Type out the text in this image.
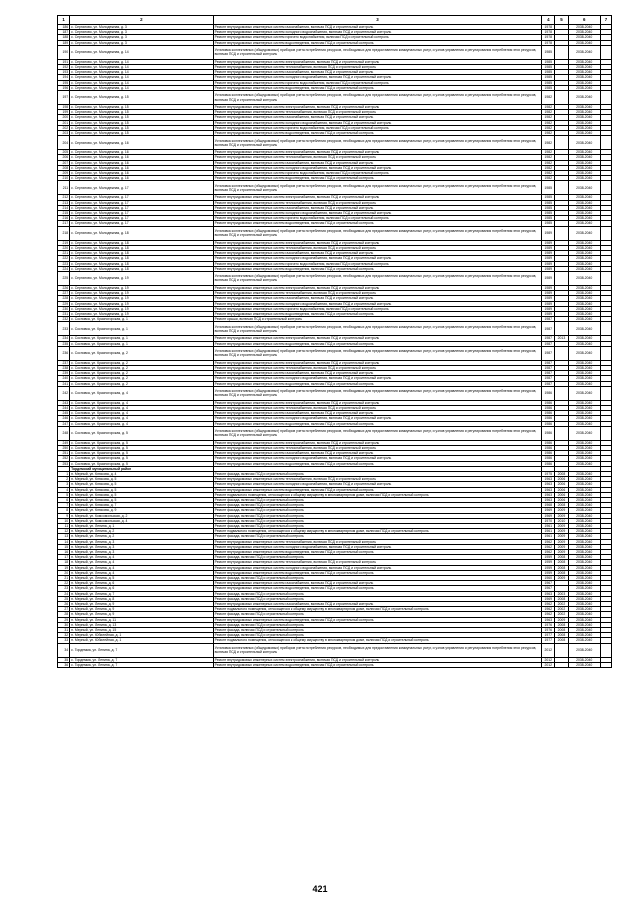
1	2	3	4	5	6	7
186	с. Серпатово, ул. Молодежная, д. 3	Ремонт внутридомовых инженерных систем газоснабжения, включая ПСД и строительный контроль	1978		2038-2040	
187	с. Серпатово, ул. Молодежная, д. 3	Ремонт внутридомовых инженерных систем холодного водоснабжения, включая ПСД и строительный контроль	1978		2038-2040	
188	с. Серпатово, ул. Молодежная, д. 3	Ремонт внутридомовых инженерных систем горячего водоснабжения, включая ПСД и строительный контроль	1978		2038-2040	
189	с. Серпатово, ул. Молодежная, д. 3	Ремонт внутридомовых инженерных систем водоотведения, включая ПСД и строительный контроль	1978		2038-2040	
190	с. Серпатово, ул. Молодежная, д. 14	Установка коллективных (общедомовых) приборов учета потребления ресурсов, необходимых для предоставления коммунальных услуг, и узлов управления и регулирования потребления этих ресурсов, включая ПСД и строительный контроль	1985		2038-2040	
191	с. Серпатово, ул. Молодежная, д. 14	Ремонт внутридомовых инженерных систем электроснабжения, включая ПСД и строительный контроль	1985		2038-2040	
192	с. Серпатово, ул. Молодежная, д. 14	Ремонт внутридомовых инженерных систем теплоснабжения, включая ПСД и строительный контроль	1985		2038-2040	
193	с. Серпатово, ул. Молодежная, д. 14	Ремонт внутридомовых инженерных систем газоснабжения, включая ПСД и строительный контроль	1985		2038-2040	
194	с. Серпатово, ул. Молодежная, д. 14	Ремонт внутридомовых инженерных систем холодного водоснабжения, включая ПСД и строительный контроль	1985		2038-2040	
195	с. Серпатово, ул. Молодежная, д. 14	Ремонт внутридомовых инженерных систем горячего водоснабжения, включая ПСД и строительный контроль	1985		2038-2040	
196	с. Серпатово, ул. Молодежная, д. 14	Ремонт внутридомовых инженерных систем водоотведения, включая ПСД и строительный контроль	1985		2038-2040	
197	с. Серпатово, ул. Молодежная, д. 15	Установка коллективных (общедомовых) приборов учета потребления ресурсов, необходимых для предоставления коммунальных услуг, и узлов управления и регулирования потребления этих ресурсов, включая ПСД и строительный контроль	1982		2038-2040	
198	с. Серпатово, ул. Молодежная, д. 15	Ремонт внутридомовых инженерных систем электроснабжения, включая ПСД и строительный контроль	1982		2038-2040	
199	с. Серпатово, ул. Молодежная, д. 15	Ремонт внутридомовых инженерных систем теплоснабжения, включая ПСД и строительный контроль	1982		2038-2040	
200	с. Серпатово, ул. Молодежная, д. 15	Ремонт внутридомовых инженерных систем газоснабжения, включая ПСД и строительный контроль	1982		2038-2040	
201	с. Серпатово, ул. Молодежная, д. 15	Ремонт внутридомовых инженерных систем холодного водоснабжения, включая ПСД и строительный контроль	1982		2038-2040	
202	с. Серпатово, ул. Молодежная, д. 15	Ремонт внутридомовых инженерных систем горячего водоснабжения, включая ПСД и строительный контроль	1982		2038-2040	
203	с. Серпатово, ул. Молодежная, д. 15	Ремонт внутридомовых инженерных систем водоотведения, включая ПСД и строительный контроль	1982		2038-2040	
204	с. Серпатово, ул. Молодежная, д. 16	Установка коллективных (общедомовых) приборов учета потребления ресурсов, необходимых для предоставления коммунальных услуг, и узлов управления и регулирования потребления этих ресурсов, включая ПСД и строительный контроль	1982		2038-2040	
205	с. Серпатово, ул. Молодежная, д. 16	Ремонт внутридомовых инженерных систем электроснабжения, включая ПСД и строительный контроль	1982		2038-2040	
206	с. Серпатово, ул. Молодежная, д. 16	Ремонт внутридомовых инженерных систем теплоснабжения, включая ПСД и строительный контроль	1982		2038-2040	
207	с. Серпатово, ул. Молодежная, д. 16	Ремонт внутридомовых инженерных систем газоснабжения, включая ПСД и строительный контроль	1982		2038-2040	
208	с. Серпатово, ул. Молодежная, д. 16	Ремонт внутридомовых инженерных систем холодного водоснабжения, включая ПСД и строительный контроль	1982		2038-2040	
209	с. Серпатово, ул. Молодежная, д. 16	Ремонт внутридомовых инженерных систем горячего водоснабжения, включая ПСД и строительный контроль	1982		2038-2040	
210	с. Серпатово, ул. Молодежная, д. 16	Ремонт внутридомовых инженерных систем водоотведения, включая ПСД и строительный контроль	1982		2038-2040	
211	с. Серпатово, ул. Молодежная, д. 17	Установка коллективных (общедомовых) приборов учета потребления ресурсов, необходимых для предоставления коммунальных услуг, и узлов управления и регулирования потребления этих ресурсов, включая ПСД и строительный контроль	1985		2038-2040	
212	с. Серпатово, ул. Молодежная, д. 17	Ремонт внутридомовых инженерных систем электроснабжения, включая ПСД и строительный контроль	1985		2038-2040	
213	с. Серпатово, ул. Молодежная, д. 17	Ремонт внутридомовых инженерных систем теплоснабжения, включая ПСД и строительный контроль	1985		2038-2040	
214	с. Серпатово, ул. Молодежная, д. 17	Ремонт внутридомовых инженерных систем газоснабжения, включая ПСД и строительный контроль	1985		2038-2040	
215	с. Серпатово, ул. Молодежная, д. 17	Ремонт внутридомовых инженерных систем холодного водоснабжения, включая ПСД и строительный контроль	1985		2038-2040	
216	с. Серпатово, ул. Молодежная, д. 17	Ремонт внутридомовых инженерных систем горячего водоснабжения, включая ПСД и строительный контроль	1985		2038-2040	
217	с. Серпатово, ул. Молодежная, д. 17	Ремонт внутридомовых инженерных систем водоотведения, включая ПСД и строительный контроль	1985		2038-2040	
218	с. Серпатово, ул. Молодежная, д. 18	Установка коллективных (общедомовых) приборов учета потребления ресурсов, необходимых для предоставления коммунальных услуг, и узлов управления и регулирования потребления этих ресурсов, включая ПСД и строительный контроль	1989		2038-2040	
219	с. Серпатово, ул. Молодежная, д. 18	Ремонт внутридомовых инженерных систем электроснабжения, включая ПСД и строительный контроль	1989		2038-2040	
220	с. Серпатово, ул. Молодежная, д. 18	Ремонт внутридомовых инженерных систем теплоснабжения, включая ПСД и строительный контроль	1989		2038-2040	
221	с. Серпатово, ул. Молодежная, д. 18	Ремонт внутридомовых инженерных систем газоснабжения, включая ПСД и строительный контроль	1989		2038-2040	
222	с. Серпатово, ул. Молодежная, д. 18	Ремонт внутридомовых инженерных систем холодного водоснабжения, включая ПСД и строительный контроль	1989		2038-2040	
223	с. Серпатово, ул. Молодежная, д. 18	Ремонт внутридомовых инженерных систем горячего водоснабжения, включая ПСД и строительный контроль	1989		2038-2040	
224	с. Серпатово, ул. Молодежная, д. 18	Ремонт внутридомовых инженерных систем водоотведения, включая ПСД и строительный контроль	1989		2038-2040	
225	с. Серпатово, ул. Молодежная, д. 19	Установка коллективных (общедомовых) приборов учета потребления ресурсов, необходимых для предоставления коммунальных услуг, и узлов управления и регулирования потребления этих ресурсов, включая ПСД и строительный контроль	1989		2038-2040	
226	с. Серпатово, ул. Молодежная, д. 19	Ремонт внутридомовых инженерных систем электроснабжения, включая ПСД и строительный контроль	1989		2038-2040	
227	с. Серпатово, ул. Молодежная, д. 19	Ремонт внутридомовых инженерных систем теплоснабжения, включая ПСД и строительный контроль	1989		2038-2040	
228	с. Серпатово, ул. Молодежная, д. 19	Ремонт внутридомовых инженерных систем газоснабжения, включая ПСД и строительный контроль	1989		2038-2040	
229	с. Серпатово, ул. Молодежная, д. 19	Ремонт внутридомовых инженерных систем холодного водоснабжения, включая ПСД и строительный контроль	1989		2038-2040	
230	с. Серпатово, ул. Молодежная, д. 19	Ремонт внутридомовых инженерных систем горячего водоснабжения, включая ПСД и строительный контроль	1989		2038-2040	
231	с. Серпатово, ул. Молодежная, д. 19	Ремонт внутридомовых инженерных систем водоотведения, включая ПСД и строительный контроль	1989		2038-2040	
232	с. Сосновка, ул. Красногорская, д. 1	Ремонт крыши, включая ПСД и строительный контроль	1987		2038-2040	
233	с. Сосновка, ул. Красногорская, д. 1	Установка коллективных (общедомовых) приборов учета потребления ресурсов, необходимых для предоставления коммунальных услуг, и узлов управления и регулирования потребления этих ресурсов, включая ПСД и строительный контроль	1987		2038-2040	
234	с. Сосновка, ул. Красногорская, д. 1	Ремонт внутридомовых инженерных систем электроснабжения, включая ПСД и строительный контроль	1987	2013	2038-2040	
235	с. Сосновка, ул. Красногорская, д. 1	Ремонт внутридомовых инженерных систем водоотведения, включая ПСД и строительный контроль	1987		2038-2040	
236	с. Сосновка, ул. Красногорская, д. 2	Установка коллективных (общедомовых) приборов учета потребления ресурсов, необходимых для предоставления коммунальных услуг, и узлов управления и регулирования потребления этих ресурсов, включая ПСД и строительный контроль	1987		2038-2040	
237	с. Сосновка, ул. Красногорская, д. 2	Ремонт внутридомовых инженерных систем электроснабжения, включая ПСД и строительный контроль	1987		2038-2040	
238	с. Сосновка, ул. Красногорская, д. 2	Ремонт внутридомовых инженерных систем теплоснабжения, включая ПСД и строительный контроль	1987		2038-2040	
239	с. Сосновка, ул. Красногорская, д. 2	Ремонт внутридомовых инженерных систем газоснабжения, включая ПСД и строительный контроль	1987		2038-2040	
240	с. Сосновка, ул. Красногорская, д. 2	Ремонт внутридомовых инженерных систем холодного водоснабжения, включая ПСД и строительный контроль	1987		2038-2040	
241	с. Сосновка, ул. Красногорская, д. 2	Ремонт внутридомовых инженерных систем водоотведения, включая ПСД и строительный контроль	1987		2038-2040	
242	с. Сосновка, ул. Красногорская, д. 4	Установка коллективных (общедомовых) приборов учета потребления ресурсов, необходимых для предоставления коммунальных услуг, и узлов управления и регулирования потребления этих ресурсов, включая ПСД и строительный контроль	1986		2038-2040	
243	с. Сосновка, ул. Красногорская, д. 4	Ремонт внутридомовых инженерных систем электроснабжения, включая ПСД и строительный контроль	1986		2038-2040	
244	с. Сосновка, ул. Красногорская, д. 4	Ремонт внутридомовых инженерных систем теплоснабжения, включая ПСД и строительный контроль	1986		2038-2040	
245	с. Сосновка, ул. Красногорская, д. 4	Ремонт внутридомовых инженерных систем газоснабжения, включая ПСД и строительный контроль	1986		2038-2040	
246	с. Сосновка, ул. Красногорская, д. 4	Ремонт внутридомовых инженерных систем холодного водоснабжения, включая ПСД и строительный контроль	1986		2038-2040	
247	с. Сосновка, ул. Красногорская, д. 4	Ремонт внутридомовых инженерных систем водоотведения, включая ПСД и строительный контроль	1986		2038-2040	
248	с. Сосновка, ул. Красногорская, д. 5	Установка коллективных (общедомовых) приборов учета потребления ресурсов, необходимых для предоставления коммунальных услуг, и узлов управления и регулирования потребления этих ресурсов, включая ПСД и строительный контроль	1986		2038-2040	
249	с. Сосновка, ул. Красногорская, д. 5	Ремонт внутридомовых инженерных систем электроснабжения, включая ПСД и строительный контроль	1986		2038-2040	
250	с. Сосновка, ул. Красногорская, д. 5	Ремонт внутридомовых инженерных систем теплоснабжения, включая ПСД и строительный контроль	1986		2038-2040	
251	с. Сосновка, ул. Красногорская, д. 5	Ремонт внутридомовых инженерных систем газоснабжения, включая ПСД и строительный контроль	1986		2038-2040	
252	с. Сосновка, ул. Красногорская, д. 5	Ремонт внутридомовых инженерных систем холодного водоснабжения, включая ПСД и строительный контроль	1986		2038-2040	
253	с. Сосновка, ул. Красногорская, д. 5	Ремонт внутридомовых инженерных систем водоотведения, включая ПСД и строительный контроль	1986		2038-2040	
	Тордемский муниципальный район					
1	п. Мерный, ул. Клюсова, д. 4	Ремонт фасада, включая ПСД и строительный контроль	1975	2008	2038-2040	
2	п. Мерный, ул. Клюсова, д. 5	Ремонт внутридомовых инженерных систем теплоснабжения, включая ПСД и строительный контроль	1963	2006	2038-2040	
3	п. Мерный, ул. Клюсова, д. 5	Ремонт внутридомовых инженерных систем холодного водоснабжения, включая ПСД и строительный контроль	1963	2006	2038-2040	
4	п. Мерный, ул. Клюсова, д. 5	Ремонт внутридомовых инженерных систем водоотведения, включая ПСД и строительный контроль	1963	2006	2038-2040	
5	п. Мерный, ул. Клюсова, д. 5	Ремонт подвального помещения, относящегося к общему имуществу в многоквартирном доме, включая ПСД и строительный контроль	1963	2006	2038-2040	
6	п. Мерный, ул. Клюсова, д. 5	Ремонт фасада, включая ПСД и строительный контроль	1963	2006	2038-2040	
7	п. Мерный, ул. Клюсова, д. 7	Ремонт фасада, включая ПСД и строительный контроль	1968	2008	2038-2040	
8	п. Мерный, ул. Клюсова, д. 9	Ремонт фасада, включая ПСД и строительный контроль	1969	2009	2038-2040	
9	п. Мерный, ул. Комсомольская, д. 2	Ремонт фасада, включая ПСД и строительный контроль	1969	2009	2038-2040	
10	п. Мерный, ул. Комсомольская, д. 4	Ремонт фасада, включая ПСД и строительный контроль	1970	2010	2038-2040	
11	п. Мерный, ул. Ленина, д. 1	Ремонт фасада, включая ПСД и строительный контроль	1961	2009	2038-2040	
12	п. Мерный, ул. Ленина, д. 2	Ремонт подвального помещения, относящегося к общему имуществу в многоквартирном доме, включая ПСД и строительный контроль	1961	2009	2038-2040	
13	п. Мерный, ул. Ленина, д. 2	Ремонт фасада, включая ПСД и строительный контроль	1961	2009	2038-2040	
14	п. Мерный, ул. Ленина, д. 3	Ремонт внутридомовых инженерных систем теплоснабжения, включая ПСД и строительный контроль	1962	2009	2038-2040	
15	п. Мерный, ул. Ленина, д. 3	Ремонт внутридомовых инженерных систем холодного водоснабжения, включая ПСД и строительный контроль	1962	2009	2038-2040	
16	п. Мерный, ул. Ленина, д. 3	Ремонт внутридомовых инженерных систем водоотведения, включая ПСД и строительный контроль	1962	2009	2038-2040	
17	п. Мерный, ул. Ленина, д. 4	Ремонт фасада, включая ПСД и строительный контроль	1959	2008	2038-2040	
18	п. Мерный, ул. Ленина, д. 4	Ремонт внутридомовых инженерных систем теплоснабжения, включая ПСД и строительный контроль	1959	2008	2038-2040	
19	п. Мерный, ул. Ленина, д. 4	Ремонт внутридомовых инженерных систем холодного водоснабжения, включая ПСД и строительный контроль	1959	2008	2038-2040	
20	п. Мерный, ул. Ленина, д. 4	Ремонт внутридомовых инженерных систем водоотведения, включая ПСД и строительный контроль	1959	2008	2038-2040	
21	п. Мерный, ул. Ленина, д. 5	Ремонт фасада, включая ПСД и строительный контроль	1960	2009	2038-2040	
22	п. Мерный, ул. Ленина, д. 6	Ремонт внутридомовых инженерных систем газоснабжения, включая ПСД и строительный контроль	1967		2038-2040	
23	п. Мерный, ул. Ленина, д. 6	Ремонт внутридомовых инженерных систем водоотведения, включая ПСД и строительный контроль	1967		2038-2040	
24	п. Мерный, ул. Ленина, д. 7	Ремонт фасада, включая ПСД и строительный контроль	1963	2003	2038-2040	
25	п. Мерный, ул. Ленина, д. 8	Ремонт фасада, включая ПСД и строительный контроль	1969	2008	2038-2040	
26	п. Мерный, ул. Ленина, д. 9	Ремонт внутридомовых инженерных систем газоснабжения, включая ПСД и строительный контроль	1962	2002	2038-2040	
27	п. Мерный, ул. Ленина, д. 9	Ремонт подвального помещения, относящегося к общему имуществу в многоквартирном доме, включая ПСД и строительный контроль	1962	2002	2038-2040	
28	п. Мерный, ул. Ленина, д. 9	Ремонт фасада, включая ПСД и строительный контроль	1962	2002	2038-2040	
29	п. Мерный, ул. Ленина, д. 11	Ремонт внутридомовых инженерных систем водоотведения, включая ПСД и строительный контроль	1963	2009	2038-2040	
30	п. Мерный, ул. Ленина, д. 13	Ремонт фасада, включая ПСД и строительный контроль	1976	2008	2038-2040	
31	п. Мерный, ул. Ленина, д. 15	Ремонт фасада, включая ПСД и строительный контроль	1976	2008	2038-2040	
32	п. Мерный, ул. Юбилейная, д. 1	Ремонт фасада, включая ПСД и строительный контроль	1977	2008	2038-2040	
33	п. Мерный, ул. Юбилейная, д. 1	Ремонт подвального помещения, относящегося к общему имуществу в многоквартирном доме, включая ПСД и строительный контроль	1977	2008	2038-2040	
34	с. Тордемма, ул. Ленина, д. 7	Установка коллективных (общедомовых) приборов учета потребления ресурсов, необходимых для предоставления коммунальных услуг, и узлов управления и регулирования потребления этих ресурсов, включая ПСД и строительный контроль	2012		2038-2040	
35	с. Тордемма, ул. Ленина, д. 7	Ремонт внутридомовых инженерных систем электроснабжения, включая ПСД и строительный контроль	2012		2038-2040	
36	с. Тордемма, ул. Ленина, д. 7	Ремонт внутридомовых инженерных систем водоотведения, включая ПСД и строительный контроль	2012		2038-2040	
421
